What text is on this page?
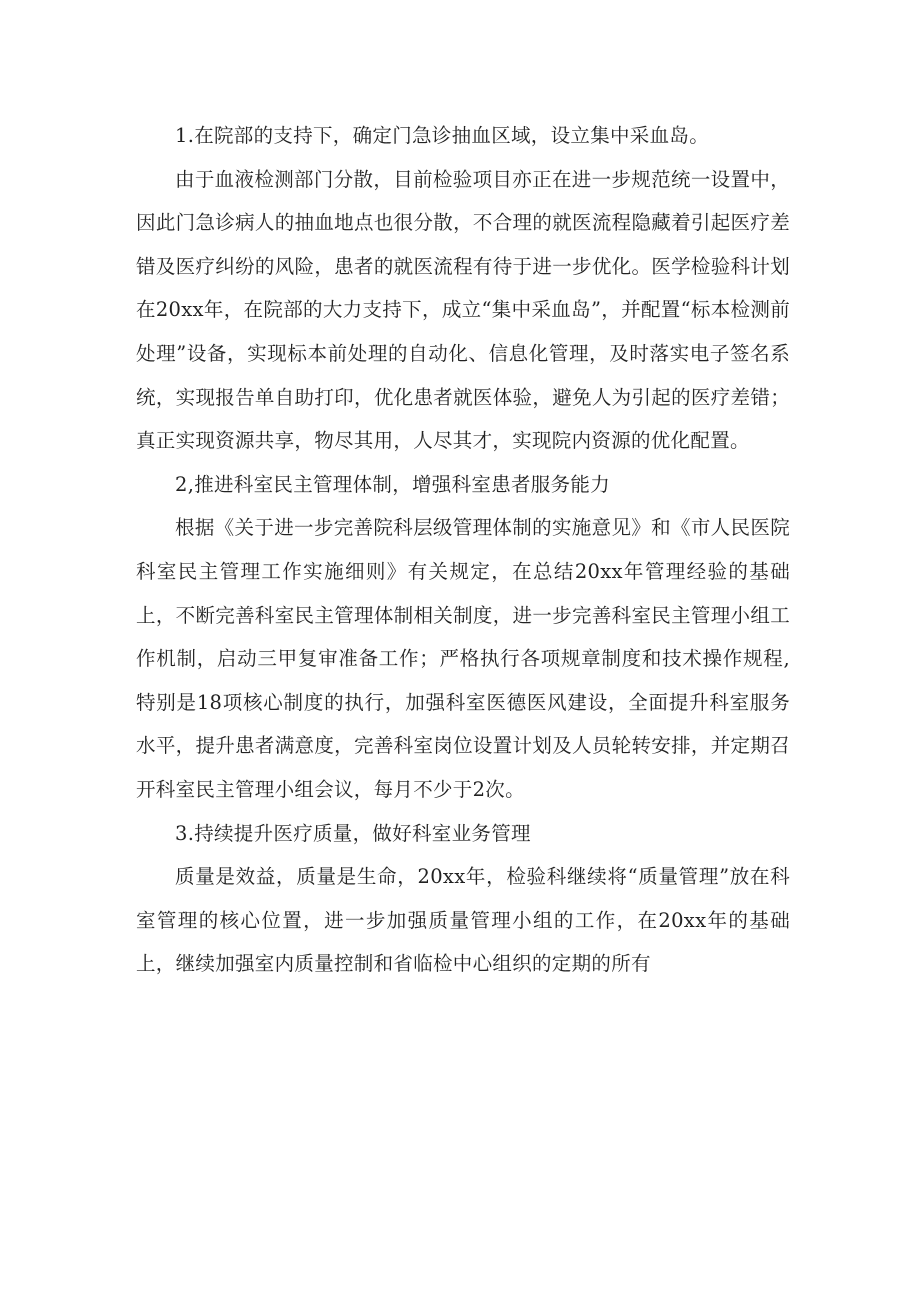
1.在院部的支持下，确定门急诊抽血区域，设立集中采血岛。

由于血液检测部门分散，目前检验项目亦正在进一步规范统一设置中，因此门急诊病人的抽血地点也很分散，不合理的就医流程隐藏着引起医疗差错及医疗纠纷的风险，患者的就医流程有待于进一步优化。医学检验科计划在20xx年，在院部的大力支持下，成立“集中采血岛”，并配置“标本检测前处理”设备，实现标本前处理的自动化、信息化管理，及时落实电子签名系统，实现报告单自助打印，优化患者就医体验，避免人为引起的医疗差错；真正实现资源共享，物尽其用，人尽其才，实现院内资源的优化配置。

2,推进科室民主管理体制，增强科室患者服务能力

根据《关于进一步完善院科层级管理体制的实施意见》和《市人民医院科室民主管理工作实施细则》有关规定，在总结20xx年管理经验的基础上，不断完善科室民主管理体制相关制度，进一步完善科室民主管理小组工作机制，启动三甲复审准备工作；严格执行各项规章制度和技术操作规程,特别是18项核心制度的执行，加强科室医德医风建设，全面提升科室服务水平，提升患者满意度，完善科室岗位设置计划及人员轮转安排，并定期召开科室民主管理小组会议，每月不少于2次。

3.持续提升医疗质量，做好科室业务管理

质量是效益，质量是生命，20xx年，检验科继续将“质量管理”放在科室管理的核心位置，进一步加强质量管理小组的工作，在20xx年的基础上，继续加强室内质量控制和省临检中心组织的定期的所有
